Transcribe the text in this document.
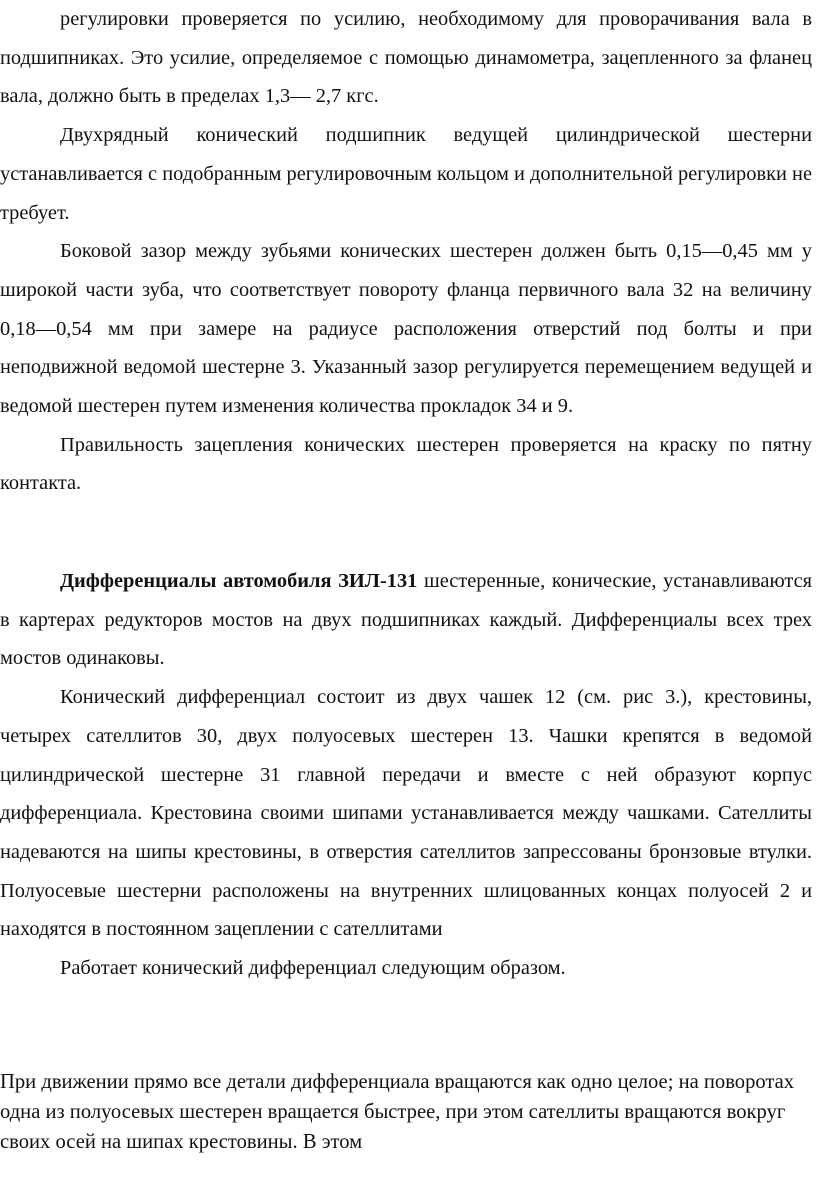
регулировки проверяется по усилию, необходимому для проворачивания вала в подшипниках. Это усилие, определяемое с помощью динамометра, зацепленного за фланец вала, должно быть в пределах 1,3— 2,7 кгс.

Двухрядный конический подшипник ведущей цилиндрической шестерни устанавливается с подобранным регулировочным кольцом и дополнительной регулировки не требует.

Боковой зазор между зубьями конических шестерен должен быть 0,15—0,45 мм у широкой части зуба, что соответствует повороту фланца первичного вала 32 на величину 0,18—0,54 мм при замере на радиусе расположения отверстий под болты и при неподвижной ведомой шестерне 3. Указанный зазор регулируется перемещением ведущей и ведомой шестерен путем изменения количества прокладок 34 и 9.

Правильность зацепления конических шестерен проверяется на краску по пятну контакта.

Дифференциалы автомобиля ЗИЛ-131 шестеренные, конические, устанавливаются в картерах редукторов мостов на двух подшипниках каждый. Дифференциалы всех трех мостов одинаковы.

Конический дифференциал состоит из двух чашек 12 (см. рис 3.), крестовины, четырех сателлитов 30, двух полуосевых шестерен 13. Чашки крепятся в ведомой цилиндрической шестерне 31 главной передачи и вместе с ней образуют корпус дифференциала. Крестовина своими шипами устанавливается между чашками. Сателлиты надеваются на шипы крестовины, в отверстия сателлитов запрессованы бронзовые втулки. Полуосевые шестерни расположены на внутренних шлицованных концах полуосей 2 и находятся в постоянном зацеплении с сателлитами

Работает конический дифференциал следующим образом.

При движении прямо все детали дифференциала вращаются как одно целое; на поворотах одна из полуосевых шестерен вращается быстрее, при этом сателлиты вращаются вокруг своих осей на шипах крестовины. В этом
